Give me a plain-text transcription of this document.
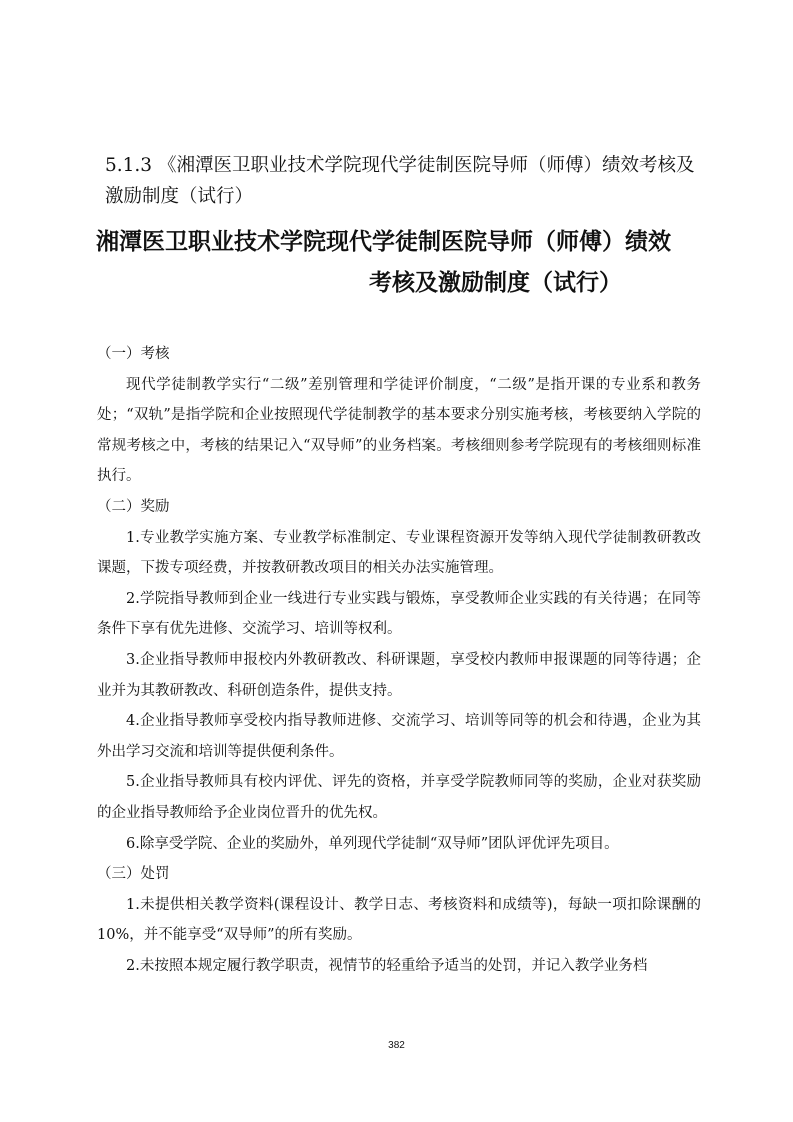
5.1.3 《湘潭医卫职业技术学院现代学徒制医院导师（师傅）绩效考核及激励制度（试行）
湘潭医卫职业技术学院现代学徒制医院导师（师傅）绩效
考核及激励制度（试行）

（一）考核

现代学徒制教学实行“二级”差别管理和学徒评价制度，“二级”是指开课的专业系和教务处；“双轨”是指学院和企业按照现代学徒制教学的基本要求分别实施考核，考核要纳入学院的常规考核之中，考核的结果记入“双导师”的业务档案。考核细则参考学院现有的考核细则标准执行。

（二）奖励

1.专业教学实施方案、专业教学标准制定、专业课程资源开发等纳入现代学徒制教研教改课题，下拨专项经费，并按教研教改项目的相关办法实施管理。

2.学院指导教师到企业一线进行专业实践与锻炼，享受教师企业实践的有关待遇；在同等条件下享有优先进修、交流学习、培训等权利。

3.企业指导教师申报校内外教研教改、科研课题，享受校内教师申报课题的同等待遇；企业并为其教研教改、科研创造条件，提供支持。

4.企业指导教师享受校内指导教师进修、交流学习、培训等同等的机会和待遇，企业为其外出学习交流和培训等提供便利条件。

5.企业指导教师具有校内评优、评先的资格，并享受学院教师同等的奖励，企业对获奖励的企业指导教师给予企业岗位晋升的优先权。

6.除享受学院、企业的奖励外，单列现代学徒制“双导师”团队评优评先项目。

（三）处罚

1.未提供相关教学资料(课程设计、教学日志、考核资料和成绩等)，每缺一项扣除课酬的10%，并不能享受“双导师”的所有奖励。

2.未按照本规定履行教学职责，视情节的轻重给予适当的处罚，并记入教学业务档

382
